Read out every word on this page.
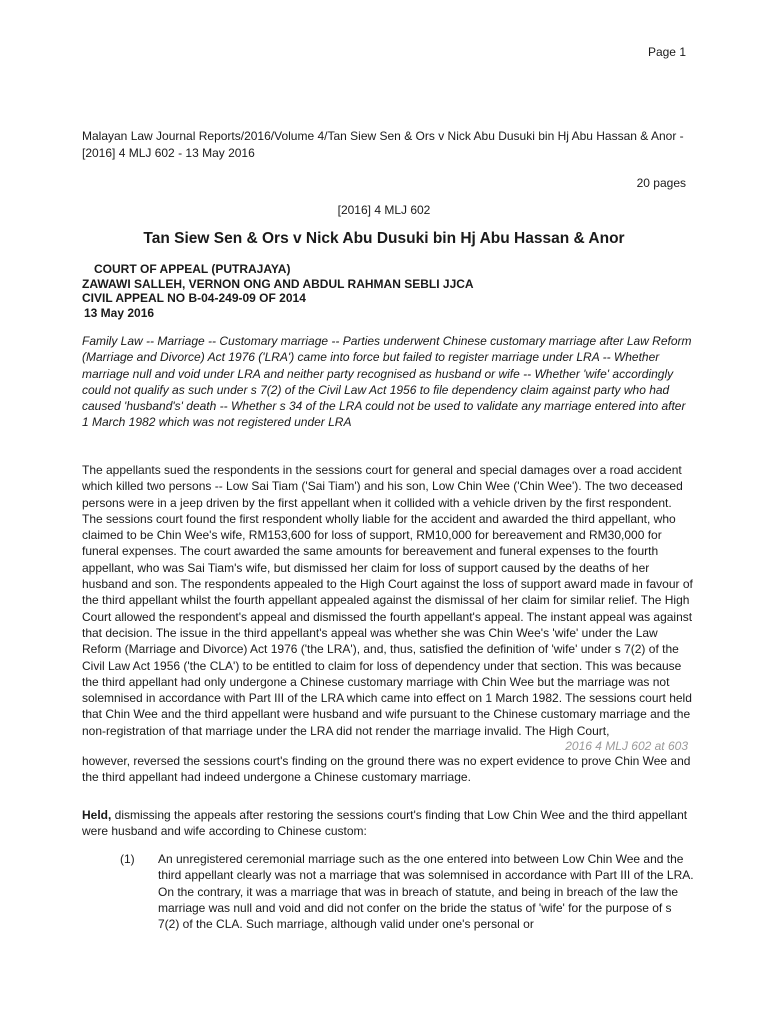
Page 1
Malayan Law Journal Reports/2016/Volume 4/Tan Siew Sen & Ors v Nick Abu Dusuki bin Hj Abu Hassan & Anor - [2016] 4 MLJ 602 - 13 May 2016
20 pages
[2016] 4 MLJ 602
Tan Siew Sen & Ors v Nick Abu Dusuki bin Hj Abu Hassan & Anor
COURT OF APPEAL (PUTRAJAYA)
ZAWAWI SALLEH, VERNON ONG AND ABDUL RAHMAN SEBLI JJCA
CIVIL APPEAL NO B-04-249-09 OF 2014
13 May 2016
Family Law -- Marriage -- Customary marriage -- Parties underwent Chinese customary marriage after Law Reform (Marriage and Divorce) Act 1976 ('LRA') came into force but failed to register marriage under LRA -- Whether marriage null and void under LRA and neither party recognised as husband or wife -- Whether 'wife' accordingly could not qualify as such under s 7(2) of the Civil Law Act 1956 to file dependency claim against party who had caused 'husband's' death -- Whether s 34 of the LRA could not be used to validate any marriage entered into after 1 March 1982 which was not registered under LRA
The appellants sued the respondents in the sessions court for general and special damages over a road accident which killed two persons -- Low Sai Tiam ('Sai Tiam') and his son, Low Chin Wee ('Chin Wee'). The two deceased persons were in a jeep driven by the first appellant when it collided with a vehicle driven by the first respondent. The sessions court found the first respondent wholly liable for the accident and awarded the third appellant, who claimed to be Chin Wee's wife, RM153,600 for loss of support, RM10,000 for bereavement and RM30,000 for funeral expenses. The court awarded the same amounts for bereavement and funeral expenses to the fourth appellant, who was Sai Tiam's wife, but dismissed her claim for loss of support caused by the deaths of her husband and son. The respondents appealed to the High Court against the loss of support award made in favour of the third appellant whilst the fourth appellant appealed against the dismissal of her claim for similar relief. The High Court allowed the respondent's appeal and dismissed the fourth appellant's appeal. The instant appeal was against that decision. The issue in the third appellant's appeal was whether she was Chin Wee's 'wife' under the Law Reform (Marriage and Divorce) Act 1976 ('the LRA'), and, thus, satisfied the definition of 'wife' under s 7(2) of the Civil Law Act 1956 ('the CLA') to be entitled to claim for loss of dependency under that section. This was because the third appellant had only undergone a Chinese customary marriage with Chin Wee but the marriage was not solemnised in accordance with Part III of the LRA which came into effect on 1 March 1982. The sessions court held that Chin Wee and the third appellant were husband and wife pursuant to the Chinese customary marriage and the non-registration of that marriage under the LRA did not render the marriage invalid. The High Court,
2016 4 MLJ 602 at 603
however, reversed the sessions court's finding on the ground there was no expert evidence to prove Chin Wee and the third appellant had indeed undergone a Chinese customary marriage.
Held, dismissing the appeals after restoring the sessions court's finding that Low Chin Wee and the third appellant were husband and wife according to Chinese custom:
(1) An unregistered ceremonial marriage such as the one entered into between Low Chin Wee and the third appellant clearly was not a marriage that was solemnised in accordance with Part III of the LRA. On the contrary, it was a marriage that was in breach of statute, and being in breach of the law the marriage was null and void and did not confer on the bride the status of 'wife' for the purpose of s 7(2) of the CLA. Such marriage, although valid under one's personal or
